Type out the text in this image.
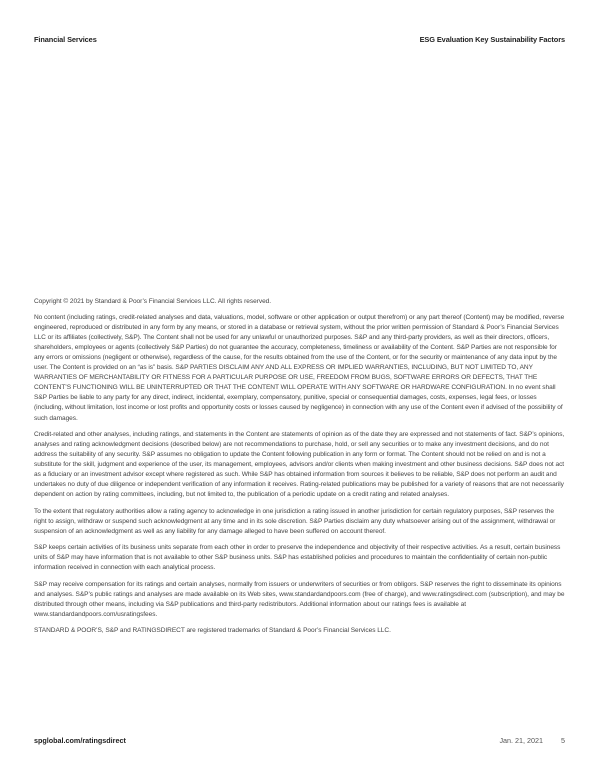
Financial Services	ESG Evaluation Key Sustainability Factors

Copyright © 2021 by Standard & Poor’s Financial Services LLC. All rights reserved.

No content (including ratings, credit-related analyses and data, valuations, model, software or other application or output therefrom) or any part thereof (Content) may be modified, reverse engineered, reproduced or distributed in any form by any means, or stored in a database or retrieval system, without the prior written permission of Standard & Poor’s Financial Services LLC or its affiliates (collectively, S&P). The Content shall not be used for any unlawful or unauthorized purposes. S&P and any third-party providers, as well as their directors, officers, shareholders, employees or agents (collectively S&P Parties) do not guarantee the accuracy, completeness, timeliness or availability of the Content. S&P Parties are not responsible for any errors or omissions (negligent or otherwise), regardless of the cause, for the results obtained from the use of the Content, or for the security or maintenance of any data input by the user. The Content is provided on an “as is” basis. S&P PARTIES DISCLAIM ANY AND ALL EXPRESS OR IMPLIED WARRANTIES, INCLUDING, BUT NOT LIMITED TO, ANY WARRANTIES OF MERCHANTABILITY OR FITNESS FOR A PARTICULAR PURPOSE OR USE, FREEDOM FROM BUGS, SOFTWARE ERRORS OR DEFECTS, THAT THE CONTENT’S FUNCTIONING WILL BE UNINTERRUPTED OR THAT THE CONTENT WILL OPERATE WITH ANY SOFTWARE OR HARDWARE CONFIGURATION. In no event shall S&P Parties be liable to any party for any direct, indirect, incidental, exemplary, compensatory, punitive, special or consequential damages, costs, expenses, legal fees, or losses (including, without limitation, lost income or lost profits and opportunity costs or losses caused by negligence) in connection with any use of the Content even if advised of the possibility of such damages.

Credit-related and other analyses, including ratings, and statements in the Content are statements of opinion as of the date they are expressed and not statements of fact. S&P’s opinions, analyses and rating acknowledgment decisions (described below) are not recommendations to purchase, hold, or sell any securities or to make any investment decisions, and do not address the suitability of any security. S&P assumes no obligation to update the Content following publication in any form or format. The Content should not be relied on and is not a substitute for the skill, judgment and experience of the user, its management, employees, advisors and/or clients when making investment and other business decisions. S&P does not act as a fiduciary or an investment advisor except where registered as such. While S&P has obtained information from sources it believes to be reliable, S&P does not perform an audit and undertakes no duty of due diligence or independent verification of any information it receives. Rating-related publications may be published for a variety of reasons that are not necessarily dependent on action by rating committees, including, but not limited to, the publication of a periodic update on a credit rating and related analyses.

To the extent that regulatory authorities allow a rating agency to acknowledge in one jurisdiction a rating issued in another jurisdiction for certain regulatory purposes, S&P reserves the right to assign, withdraw or suspend such acknowledgment at any time and in its sole discretion. S&P Parties disclaim any duty whatsoever arising out of the assignment, withdrawal or suspension of an acknowledgment as well as any liability for any damage alleged to have been suffered on account thereof.

S&P keeps certain activities of its business units separate from each other in order to preserve the independence and objectivity of their respective activities. As a result, certain business units of S&P may have information that is not available to other S&P business units. S&P has established policies and procedures to maintain the confidentiality of certain non-public information received in connection with each analytical process.

S&P may receive compensation for its ratings and certain analyses, normally from issuers or underwriters of securities or from obligors. S&P reserves the right to disseminate its opinions and analyses. S&P’s public ratings and analyses are made available on its Web sites, www.standardandpoors.com (free of charge), and www.ratingsdirect.com (subscription), and may be distributed through other means, including via S&P publications and third-party redistributors. Additional information about our ratings fees is available at www.standardandpoors.com/usratingsfees.

STANDARD & POOR’S, S&P and RATINGSDIRECT are registered trademarks of Standard & Poor’s Financial Services LLC.

spglobal.com/ratingsdirect	Jan. 21, 2021	5
